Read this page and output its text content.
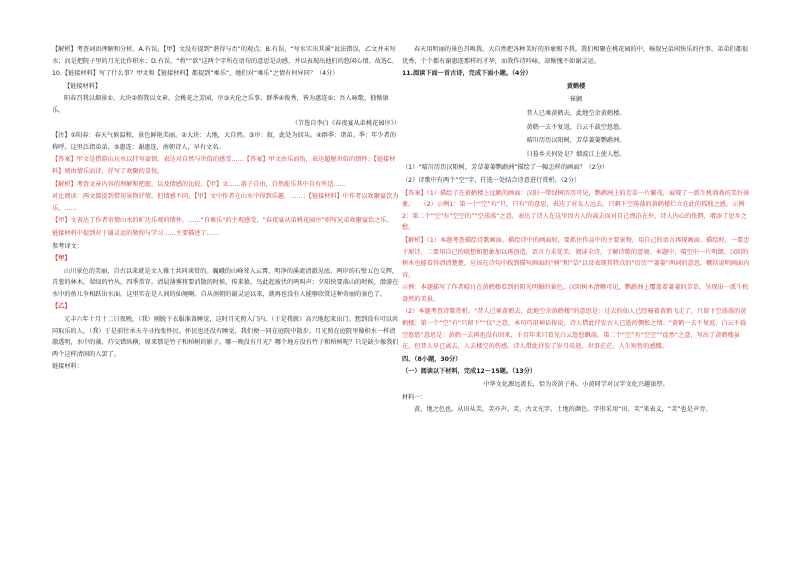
【解析】考查词语理解和分析。A.有误，【甲】文没有提到“谐得与否”的观点；B.有误，“写水实出其溪”说法错误，乙文并未写水；而是把院子里的月光比作积水；D.有误，“将”“欲”这两个字所在语句的意思是动感，并以表现出他们的悠闲心情。故选C。

10.【链接材料】写了什么事？甲文和【链接材料】都提到“乘乐”，她们对“乘乐”之情有何异同？（4分）

【链接材料】

阳春召我以烟景①，大块②假我以文章。会桃花之芳园，序③天伦之乐事。群季④俊秀，皆为惠连⑤；吾人咏歌，独惭康乐。

（节选自李白《春夜宴从弟桃花园序》）

【注】①阳春：春天气候温和，景色鲜艳美丽。②大块：大地，大自然。③序：叙，此处为回头。④群季：诸弟。季：年少者的称呼。这里泛指弟弟。⑤惠连：谢惠连，南朝诗人，早有文名。

【答案】甲文是借游山玩水以抒写豪情，表达对自然与世俗的感受……【答案】甲文由乐而怡，表达超脱世俗的情怀；【链接材料】则由情乐而诗，抒写了欢聚的喜悦。

【解析】考查文章内容的理解和把握，以及情感的比较。【甲】文……游子自由，自然能乐其中自有所适……

对比阅读：两文都提到借用景物抒情，但情感不同。【甲】文中作者在山水中得到乐趣，……；【链接材料】中作者以欢聚宴饮为乐，……

【甲】文表达了作者寄情山水的旷达乐观的情怀，……“自乘乐”的主观感受，“春夜宴从弟桃花园序”则写兄弟欢聚宴饮之乐。

链接材料中提到对于谢灵运的敬仰与学习……主要描述了……

参考译文：

【甲】

山川景色的美丽，自古以来就是文人雅士共同谈赏的。巍峨的山峰耸入云霄，明净的溪流清澈见底。两岸的石壁五色交辉，青葱的林木，翠绿的竹丛，四季常存。清晨薄雾将要消散的时候，传来猿、鸟此起彼伏的鸣叫声；夕阳快要落山的时候，潜游在水中的鱼儿争相跃出水面。这里实在是人间的仙境啊。自从南朝的谢灵运以来，就再也没有人能够欣赏这种奇丽的景色了。

【乙】

元丰六年十月十二日夜晚，（我）刚脱下衣服准备睡觉，这时月光照入门内，（于是我就）高兴地起来出门。想到没有可以共同取乐的人，（我）于是前往承天寺寻找张怀民。怀民也还没有睡觉，我们便一同在庭院中散步。月光照在庭院里像积水一样清澈透明，水中的藻、荇交错纵横，原来那是竹子和柏树的影子。哪一晚没有月光？哪个地方没有竹子和柏树呢？只是缺少像我们两个这样清闲的人罢了。

链接材料：

春天用明丽的景色召唤我，大自然把各种美好的形象赐予我。我们相聚在桃花园的中，畅叙兄弟间快乐的往事。弟弟们都很优秀，个个都有谢惠连那样的才华，而我作诗吟咏，却惭愧不如谢灵运。

11.阅读下面一首古诗，完成下面小题。（4分）

黄鹤楼

崔颢

昔人已乘黄鹤去，此地空余黄鹤楼。

黄鹤一去不复返，白云千载空悠悠。

晴川历历汉阳树，芳草萋萋鹦鹉洲。

日暮乡关何处是？烟波江上使人愁。

（1）“晴川历历汉阳树，芳草萋萋鹦鹉洲”描绘了一幅怎样的画面？（2分）

（2）诗歌中有两个“空”字，任选一处结合诗意进行赏析。（2分）

【答案】（1）描绘了在黄鹤楼上远眺的画面：汉阳一带绿树历历可见，鹦鹉洲上的芳草一片繁茂，展现了一派生机勃勃的美好景象。　　（2）示例1：第一个“空”有“只，只有”的意思，表达了对友人远去，只剩下空荡荡的黄鹤楼伫立在此的孤独之感。示例2：第二个“空”有“空空的”“空荡荡”之意，表达了诗人在这里因古人的离去而对自己漂泊在外，诗人内心的怅惘，增添了思乡之愁。

【解析】（1）本题考查描绘诗歌画面。描绘诗中的画面时，要抓住作品中的主要景物，用自己的语言再现画面。描绘时，一要忠于原诗，二要用自己的联想和想象加以再创造，语言力求优美。阅读全诗，了解诗歌的意境。本题中，晴空中一片明朗，汉阳的树木也能看得清清楚楚，应该在诗句中找到描写画面的“树”和“草”以及表现其特点的“历历”“萋萋”两词的意思，概括说明画面内容。

示例：本题描写了作者晴日在黄鹤楼看到的阳光明媚的景色，汉阳树木清晰可见，鹦鹉洲上覆盖着萋萋的芳草，呈现出一派生机盎然的美景。

（2）本题考查诗歌赏析。“昔人已乘黄鹤去，此地空余黄鹤楼”的意思是：过去的仙人已经骑着黄鹤飞走了，只留下空荡荡的黄鹤楼；第一个“空”有“只留下”“仅”之意，本句巧用神话传说，诗人借此抒发古人已逝的惆怅之情。“黄鹤一去不复返，白云千载空悠悠”意思是：黄鹤一去再也没有回来，千百年来只看见白云悠悠飘荡。第二个“空”有“空空”“徒然”之意，写出了黄鹤楼虽在，但昔人早已离去，人去楼空的伤感。诗人借此抒发了岁月易逝、世事茫茫、人生短暂的感慨。

四、（8小题，30分）

（一）阅读以下材料，完成12～15题。（13分）

中华文化源远流长，恰为炎黄子孙。小黄同学对汉字文化兴趣浓厚。

材料一：

黄，地之色也。从田从芙，芙亦声。芙，古文光字。土地的颜色。字形采用“田、芙”来表义，“芙”也是声旁。
